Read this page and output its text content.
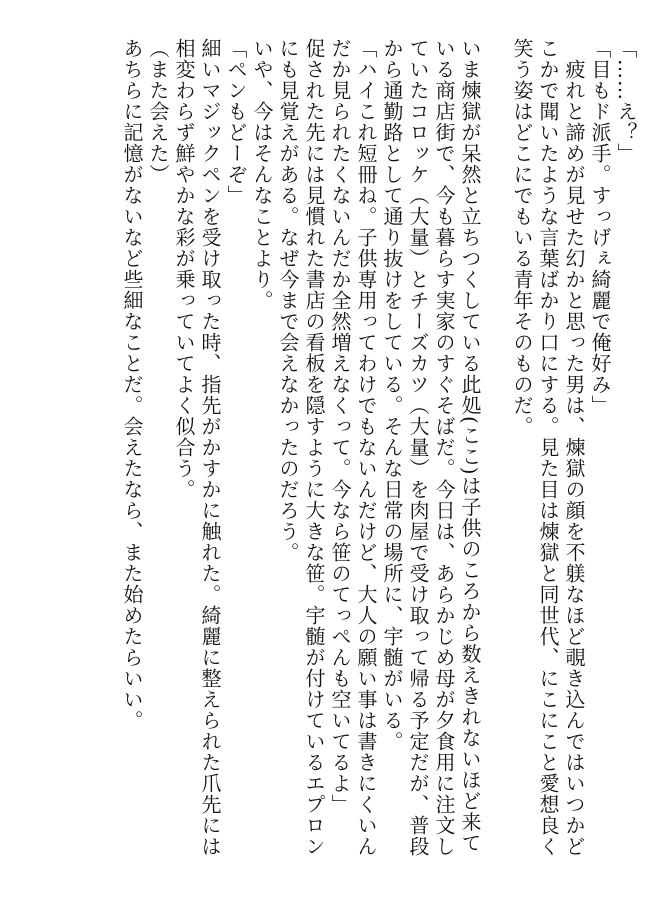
「……え？」

「目もド派手。すっげぇ綺麗で俺好み」

　疲れと諦めが見せた幻かと思った男は、煉獄の顔を不躾なほど覗き込んではいつかどこかで聞いたような言葉ばかり口にする。見た目は煉獄と同世代、にこにこと愛想良く笑う姿はどこにでもいる青年そのものだ。

いま煉獄が呆然と立ちつくしている此処(ここ)は子供のころから数えきれないほど来ている商店街で、今も暮らす実家のすぐそばだ。今日は、あらかじめ母が夕食用に注文していたコロッケ（大量）とチーズカツ（大量）を肉屋で受け取って帰る予定だが、普段から通勤路として通り抜けをしている。そんな日常の場所に、宇髄がいる。

「ハイこれ短冊ね。子供専用ってわけでもないんだけど、大人の願い事は書きにくいんだか見られたくないんだか全然増えなくって。今なら笹のてっぺんも空いてるよ」

促された先には見慣れた書店の看板を隠すように大きな笹。宇髄が付けているエプロンにも見覚えがある。なぜ今まで会えなかったのだろう。

いや、今はそんなことより。

「ペンもどーぞ」

細いマジックペンを受け取った時、指先がかすかに触れた。綺麗に整えられた爪先には相変わらず鮮やかな彩が乗っていてよく似合う。

（また会えた）

あちらに記憶がないなど些細なことだ。会えたなら、また始めたらいい。
